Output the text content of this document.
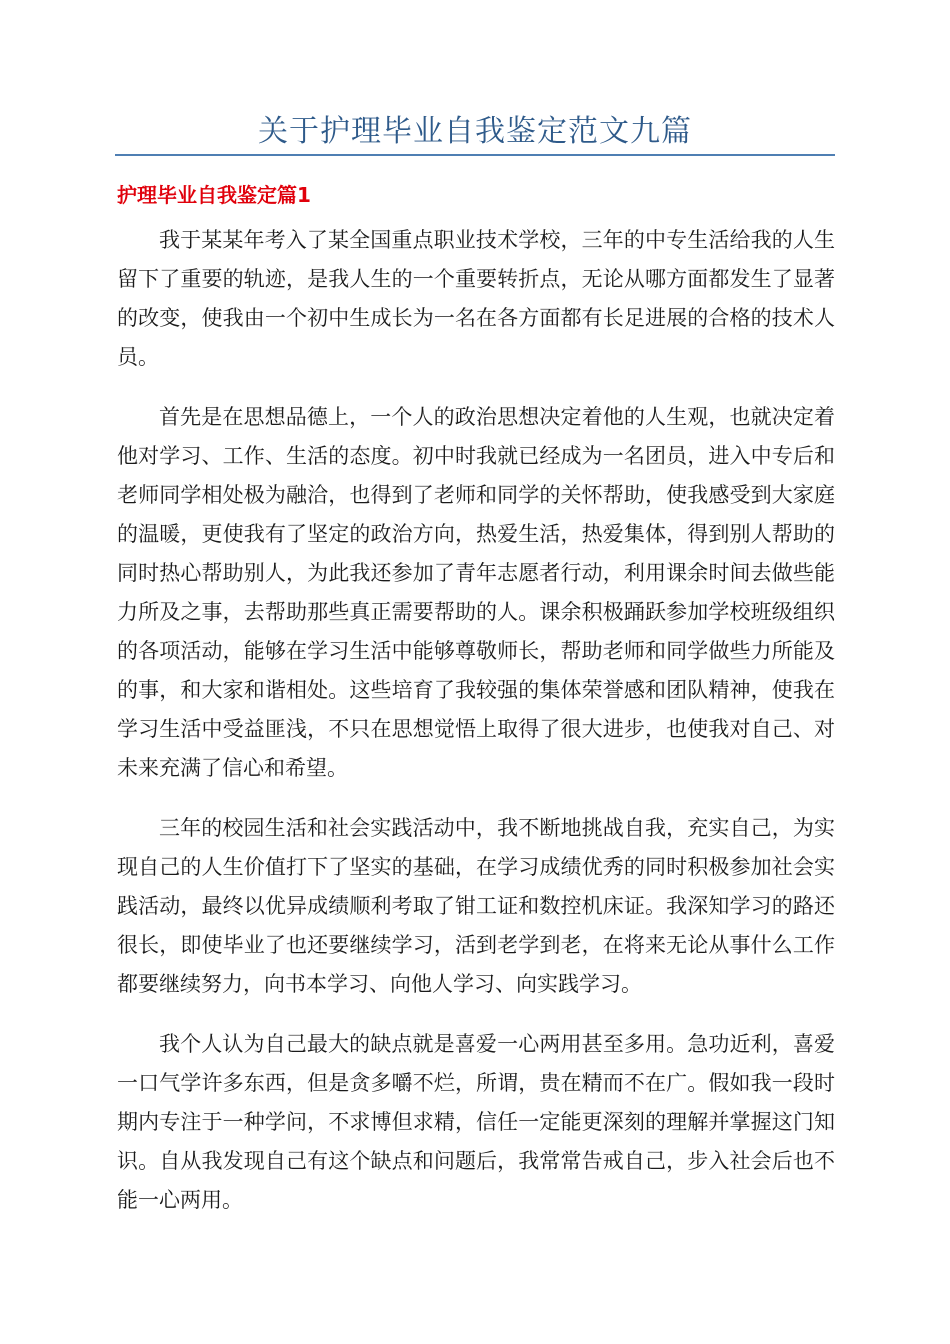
关于护理毕业自我鉴定范文九篇
护理毕业自我鉴定篇1

我于某某年考入了某全国重点职业技术学校，三年的中专生活给我的人生留下了重要的轨迹，是我人生的一个重要转折点，无论从哪方面都发生了显著的改变，使我由一个初中生成长为一名在各方面都有长足进展的合格的技术人员。

首先是在思想品德上，一个人的政治思想决定着他的人生观，也就决定着他对学习、工作、生活的态度。初中时我就已经成为一名团员，进入中专后和老师同学相处极为融洽，也得到了老师和同学的关怀帮助，使我感受到大家庭的温暖，更使我有了坚定的政治方向，热爱生活，热爱集体，得到别人帮助的同时热心帮助别人，为此我还参加了青年志愿者行动，利用课余时间去做些能力所及之事，去帮助那些真正需要帮助的人。课余积极踊跃参加学校班级组织的各项活动，能够在学习生活中能够尊敬师长，帮助老师和同学做些力所能及的事，和大家和谐相处。这些培育了我较强的集体荣誉感和团队精神，使我在学习生活中受益匪浅，不只在思想觉悟上取得了很大进步，也使我对自己、对未来充满了信心和希望。

三年的校园生活和社会实践活动中，我不断地挑战自我，充实自己，为实现自己的人生价值打下了坚实的基础，在学习成绩优秀的同时积极参加社会实践活动，最终以优异成绩顺利考取了钳工证和数控机床证。我深知学习的路还很长，即使毕业了也还要继续学习，活到老学到老，在将来无论从事什么工作都要继续努力，向书本学习、向他人学习、向实践学习。

我个人认为自己最大的缺点就是喜爱一心两用甚至多用。急功近利，喜爱一口气学许多东西，但是贪多嚼不烂，所谓，贵在精而不在广。假如我一段时期内专注于一种学问，不求博但求精，信任一定能更深刻的理解并掌握这门知识。自从我发现自己有这个缺点和问题后，我常常告戒自己，步入社会后也不能一心两用。
